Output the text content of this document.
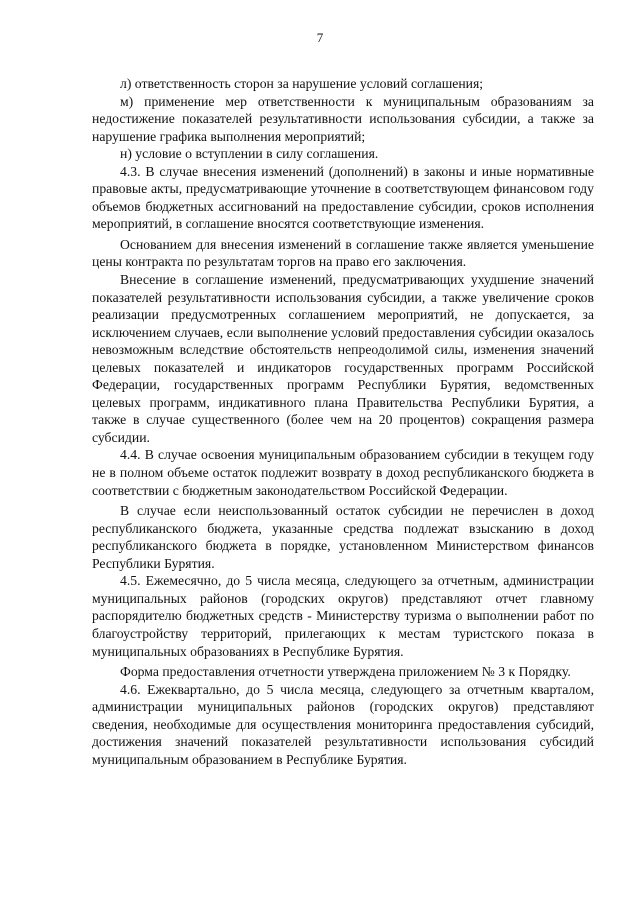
7

л) ответственность сторон за нарушение условий соглашения;

м) применение мер ответственности к муниципальным образованиям за недостижение показателей результативности использования субсидии, а также за нарушение графика выполнения мероприятий;

н) условие о вступлении в силу соглашения.

4.3. В случае внесения изменений (дополнений) в законы и иные нормативные правовые акты, предусматривающие уточнение в соответствующем финансовом году объемов бюджетных ассигнований на предоставление субсидии, сроков исполнения мероприятий, в соглашение вносятся соответствующие изменения.

Основанием для внесения изменений в соглашение также является уменьшение цены контракта по результатам торгов на право его заключения.

Внесение в соглашение изменений, предусматривающих ухудшение значений показателей результативности использования субсидии, а также увеличение сроков реализации предусмотренных соглашением мероприятий, не допускается, за исключением случаев, если выполнение условий предоставления субсидии оказалось невозможным вследствие обстоятельств непреодолимой силы, изменения значений целевых показателей и индикаторов государственных программ Российской Федерации, государственных программ Республики Бурятия, ведомственных целевых программ, индикативного плана Правительства Республики Бурятия, а также в случае существенного (более чем на 20 процентов) сокращения размера субсидии.

4.4. В случае освоения муниципальным образованием субсидии в текущем году не в полном объеме остаток подлежит возврату в доход республиканского бюджета в соответствии с бюджетным законодательством Российской Федерации.

В случае если неиспользованный остаток субсидии не перечислен в доход республиканского бюджета, указанные средства подлежат взысканию в доход республиканского бюджета в порядке, установленном Министерством финансов Республики Бурятия.

4.5. Ежемесячно, до 5 числа месяца, следующего за отчетным, администрации муниципальных районов (городских округов) представляют отчет главному распорядителю бюджетных средств - Министерству туризма о выполнении работ по благоустройству территорий, прилегающих к местам туристского показа в муниципальных образованиях в Республике Бурятия.

Форма предоставления отчетности утверждена приложением № 3 к Порядку.

4.6. Ежеквартально, до 5 числа месяца, следующего за отчетным кварталом, администрации муниципальных районов (городских округов) представляют сведения, необходимые для осуществления мониторинга предоставления субсидий, достижения значений показателей результативности использования субсидий муниципальным образованием в Республике Бурятия.
